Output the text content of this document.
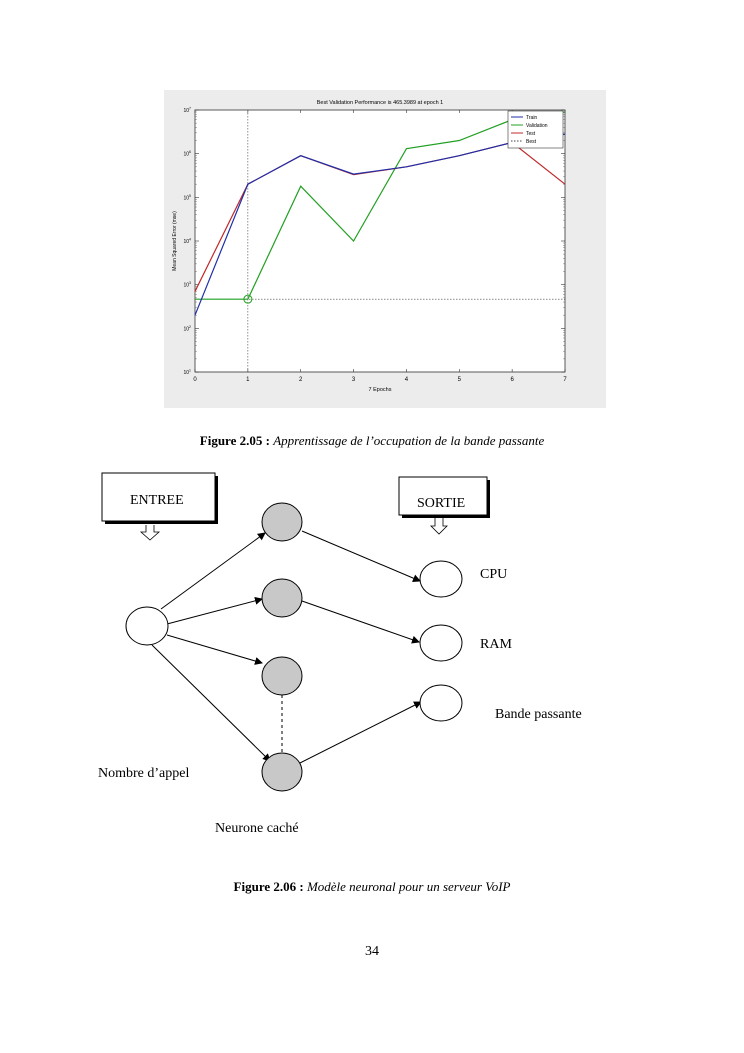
Best Validation Performance is 465.3989 at epoch 1
7 Epochs
Mean Squared Error (mse)
0	1	2	3	4	5	6	7
$10^7$
$10^6$
$10^5$
$10^4$
$10^3$
$10^2$
$10^1$
Train
Validation
Test
Best
Figure 2.05 : Apprentissage de l’occupation de la bande passante
ENTREE	SORTIE
CPU
RAM
Bande passante
Nombre d’appel
Neurone caché
Figure 2.06 : Modèle neuronal pour un serveur VoIP
34
